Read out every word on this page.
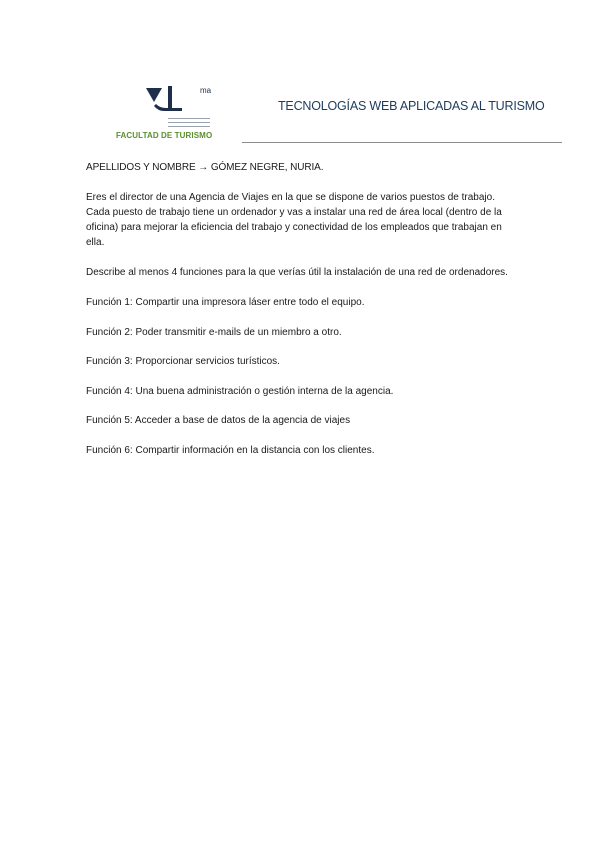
ma
FACULTAD DE TURISMO
TECNOLOGÍAS WEB APLICADAS AL TURISMO

APELLIDOS Y NOMBRE → GÓMEZ NEGRE, NURIA.

Eres el director de una Agencia de Viajes en la que se dispone de varios puestos de trabajo. Cada puesto de trabajo tiene un ordenador y vas a instalar una red de área local (dentro de la oficina) para mejorar la eficiencia del trabajo y conectividad de los empleados que trabajan en ella.

Describe al menos 4 funciones para la que verías útil la instalación de una red de ordenadores.

Función 1: Compartir una impresora láser entre todo el equipo.

Función 2: Poder transmitir e-mails de un miembro a otro.

Función 3: Proporcionar servicios turísticos.

Función 4: Una buena administración o gestión interna de la agencia.

Función 5: Acceder a base de datos de la agencia de viajes

Función 6: Compartir información en la distancia con los clientes.
